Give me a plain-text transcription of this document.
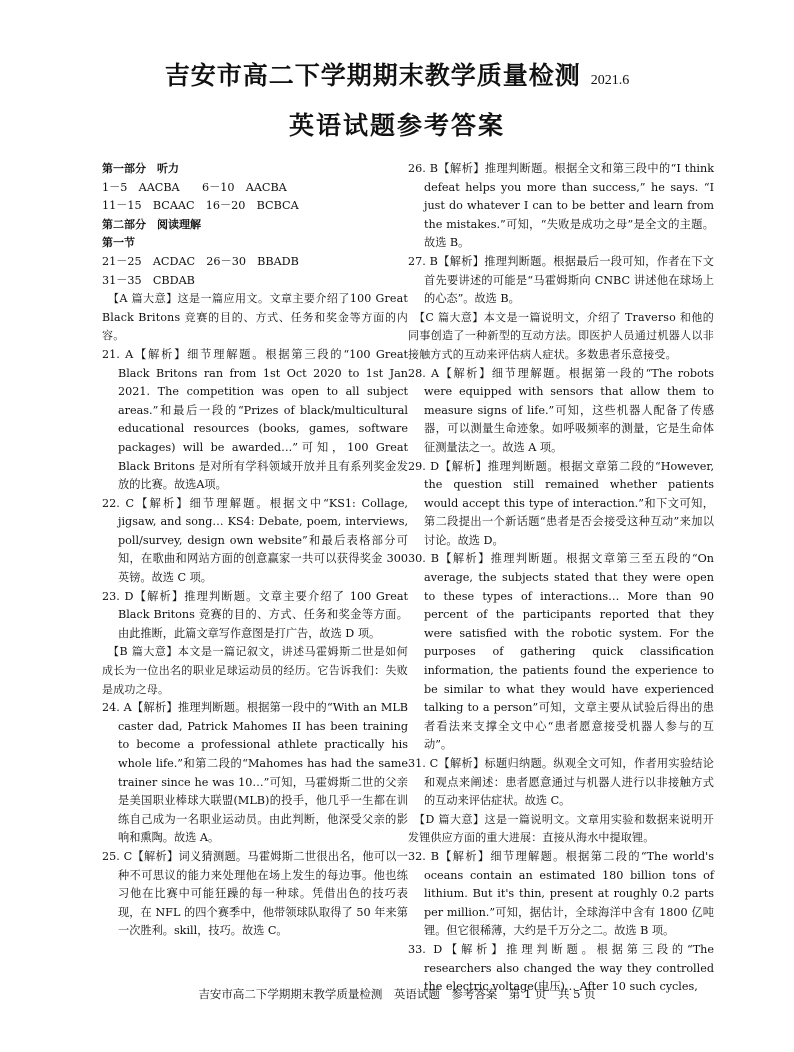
吉安市高二下学期期末教学质量检测 2021.6
英语试题参考答案

第一部分　听力

1－5　AACBA　　6－10　AACBA

11－15　BCAAC　16－20　BCBCA

第二部分　阅读理解

第一节

21－25　ACDAC　26－30　BBADB

31－35　CBDAB

　【A 篇大意】这是一篇应用文。文章主要介绍了100 Great Black Britons 竞赛的目的、方式、任务和奖金等方面的内容。

21. A【解析】细节理解题。根据第三段的“100 Great Black Britons ran from 1st Oct 2020 to 1st Jan 2021. The competition was open to all subject areas.”和最后一段的“Prizes of black/multicultural educational resources (books, games, software packages) will be awarded…”可知，100 Great Black Britons 是对所有学科领域开放并且有系列奖金发放的比赛。故选A项。

22. C【解析】细节理解题。根据文中“KS1: Collage, jigsaw, and song… KS4: Debate, poem, interviews, poll/survey, design own website”和最后表格部分可知，在歌曲和网站方面的创意赢家一共可以获得奖金 300 英镑。故选 C 项。

23. D【解析】推理判断题。文章主要介绍了 100 Great Black Britons 竞赛的目的、方式、任务和奖金等方面。由此推断，此篇文章写作意图是打广告，故选 D 项。

　【B 篇大意】本文是一篇记叙文，讲述马霍姆斯二世是如何成长为一位出名的职业足球运动员的经历。它告诉我们：失败是成功之母。

24. A【解析】推理判断题。根据第一段中的“With an MLB caster dad, Patrick Mahomes II has been training to become a professional athlete practically his whole life.”和第二段的“Mahomes has had the same trainer since he was 10…”可知，马霍姆斯二世的父亲是美国职业棒球大联盟(MLB)的投手，他几乎一生都在训练自己成为一名职业运动员。由此判断，他深受父亲的影响和熏陶。故选 A。

25. C【解析】词义猜测题。马霍姆斯二世很出名，他可以一种不可思议的能力来处理他在场上发生的每边事。他也练习他在比赛中可能狂躁的每一种球。凭借出色的技巧表现，在 NFL 的四个赛季中，他带领球队取得了 50 年来第一次胜利。skill，技巧。故选 C。

26. B【解析】推理判断题。根据全文和第三段中的“I think defeat helps you more than success,” he says. “I just do whatever I can to be better and learn from the mistakes.”可知，“失败是成功之母”是全文的主题。故选 B。

27. B【解析】推理判断题。根据最后一段可知，作者在下文首先要讲述的可能是“马霍姆斯向 CNBC 讲述他在球场上的心态”。故选 B。

　【C 篇大意】本文是一篇说明文，介绍了 Traverso 和他的同事创造了一种新型的互动方法。即医护人员通过机器人以非接触方式的互动来评估病人症状。多数患者乐意接受。

28. A【解析】细节理解题。根据第一段的“The robots were equipped with sensors that allow them to measure signs of life.”可知，这些机器人配备了传感器，可以测量生命迹象。如呼吸频率的测量，它是生命体征测量法之一。故选 A 项。

29. D【解析】推理判断题。根据文章第二段的“However, the question still remained whether patients would accept this type of interaction.”和下文可知，第二段提出一个新话题“患者是否会接受这种互动”来加以讨论。故选 D。

30. B【解析】推理判断题。根据文章第三至五段的“On average, the subjects stated that they were open to these types of interactions… More than 90 percent of the participants reported that they were satisfied with the robotic system. For the purposes of gathering quick classification information, the patients found the experience to be similar to what they would have experienced talking to a person”可知，文章主要从试验后得出的患者看法来支撑全文中心“患者愿意接受机器人参与的互动”。

31. C【解析】标题归纳题。纵观全文可知，作者用实验结论和观点来阐述：患者愿意通过与机器人进行以非接触方式的互动来评估症状。故选 C。

　【D 篇大意】这是一篇说明文。文章用实验和数据来说明开发锂供应方面的重大进展：直接从海水中提取锂。

32. B【解析】细节理解题。根据第二段的“The world's oceans contain an estimated 180 billion tons of lithium. But it's thin, present at roughly 0.2 parts per million.”可知，据估计，全球海洋中含有 1800 亿吨锂。但它很稀薄，大约是千万分之二。故选 B 项。

33. D【解析】推理判断题。根据第三段的“The researchers also changed the way they controlled the electric voltage(电压)… After 10 such cycles,

吉安市高二下学期期末教学质量检测　英语试题　参考答案　第 1 页　共 5 页
